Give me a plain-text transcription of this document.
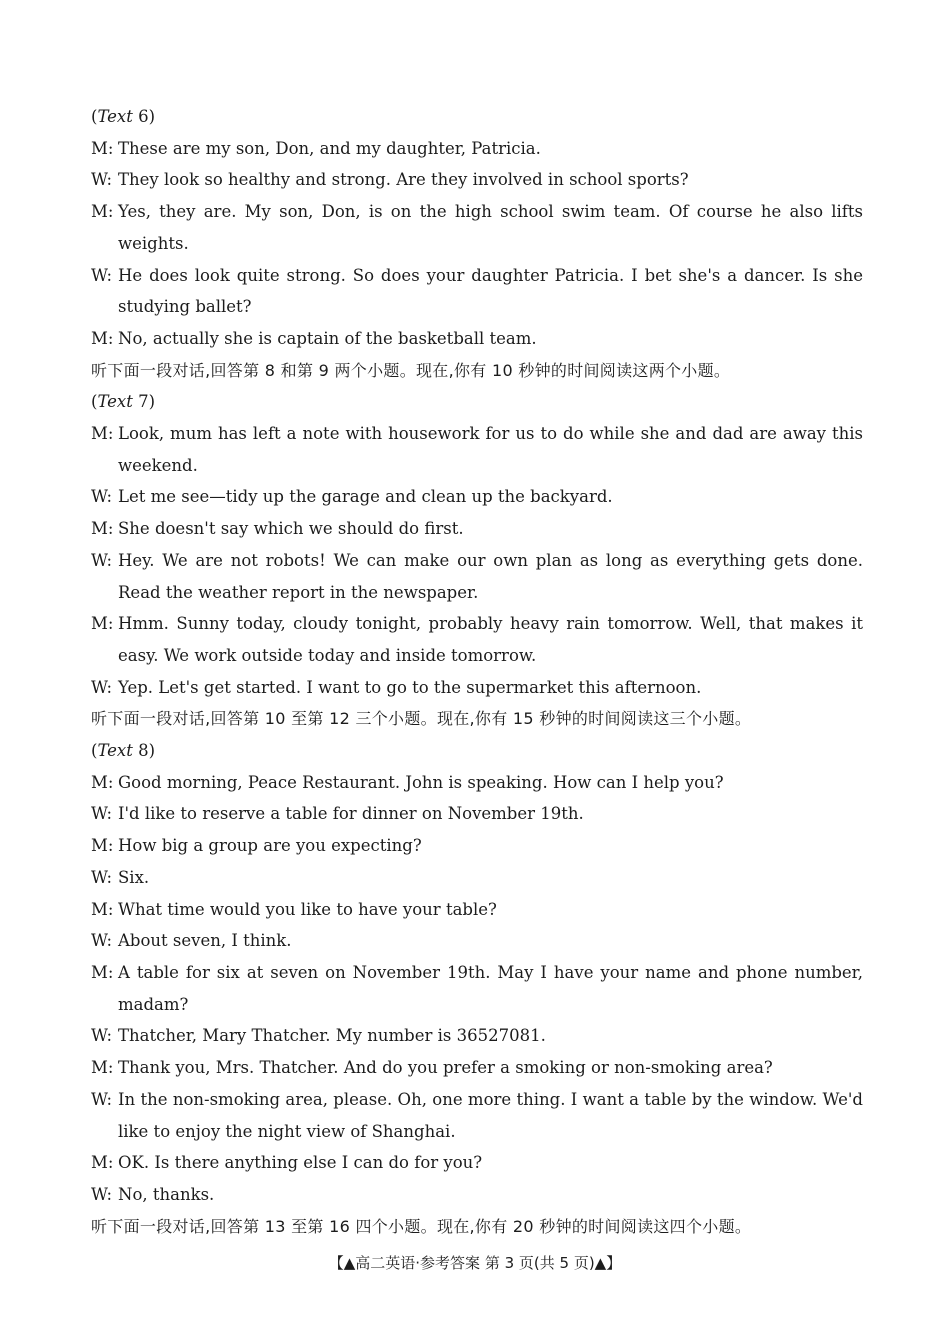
(Text 6)
M: These are my son, Don, and my daughter, Patricia.
W: They look so healthy and strong. Are they involved in school sports?
M: Yes, they are. My son, Don, is on the high school swim team. Of course he also lifts weights.
W: He does look quite strong. So does your daughter Patricia. I bet she's a dancer. Is she studying ballet?
M: No, actually she is captain of the basketball team.
听下面一段对话,回答第 8 和第 9 两个小题。现在,你有 10 秒钟的时间阅读这两个小题。
(Text 7)
M: Look, mum has left a note with housework for us to do while she and dad are away this weekend.
W: Let me see—tidy up the garage and clean up the backyard.
M: She doesn't say which we should do first.
W: Hey. We are not robots! We can make our own plan as long as everything gets done. Read the weather report in the newspaper.
M: Hmm. Sunny today, cloudy tonight, probably heavy rain tomorrow. Well, that makes it easy. We work outside today and inside tomorrow.
W: Yep. Let's get started. I want to go to the supermarket this afternoon.
听下面一段对话,回答第 10 至第 12 三个小题。现在,你有 15 秒钟的时间阅读这三个小题。
(Text 8)
M: Good morning, Peace Restaurant. John is speaking. How can I help you?
W: I'd like to reserve a table for dinner on November 19th.
M: How big a group are you expecting?
W: Six.
M: What time would you like to have your table?
W: About seven, I think.
M: A table for six at seven on November 19th. May I have your name and phone number, madam?
W: Thatcher, Mary Thatcher. My number is 36527081.
M: Thank you, Mrs. Thatcher. And do you prefer a smoking or non-smoking area?
W: In the non-smoking area, please. Oh, one more thing. I want a table by the window. We'd like to enjoy the night view of Shanghai.
M: OK. Is there anything else I can do for you?
W: No, thanks.
听下面一段对话,回答第 13 至第 16 四个小题。现在,你有 20 秒钟的时间阅读这四个小题。
【▲高二英语·参考答案 第 3 页(共 5 页)▲】
